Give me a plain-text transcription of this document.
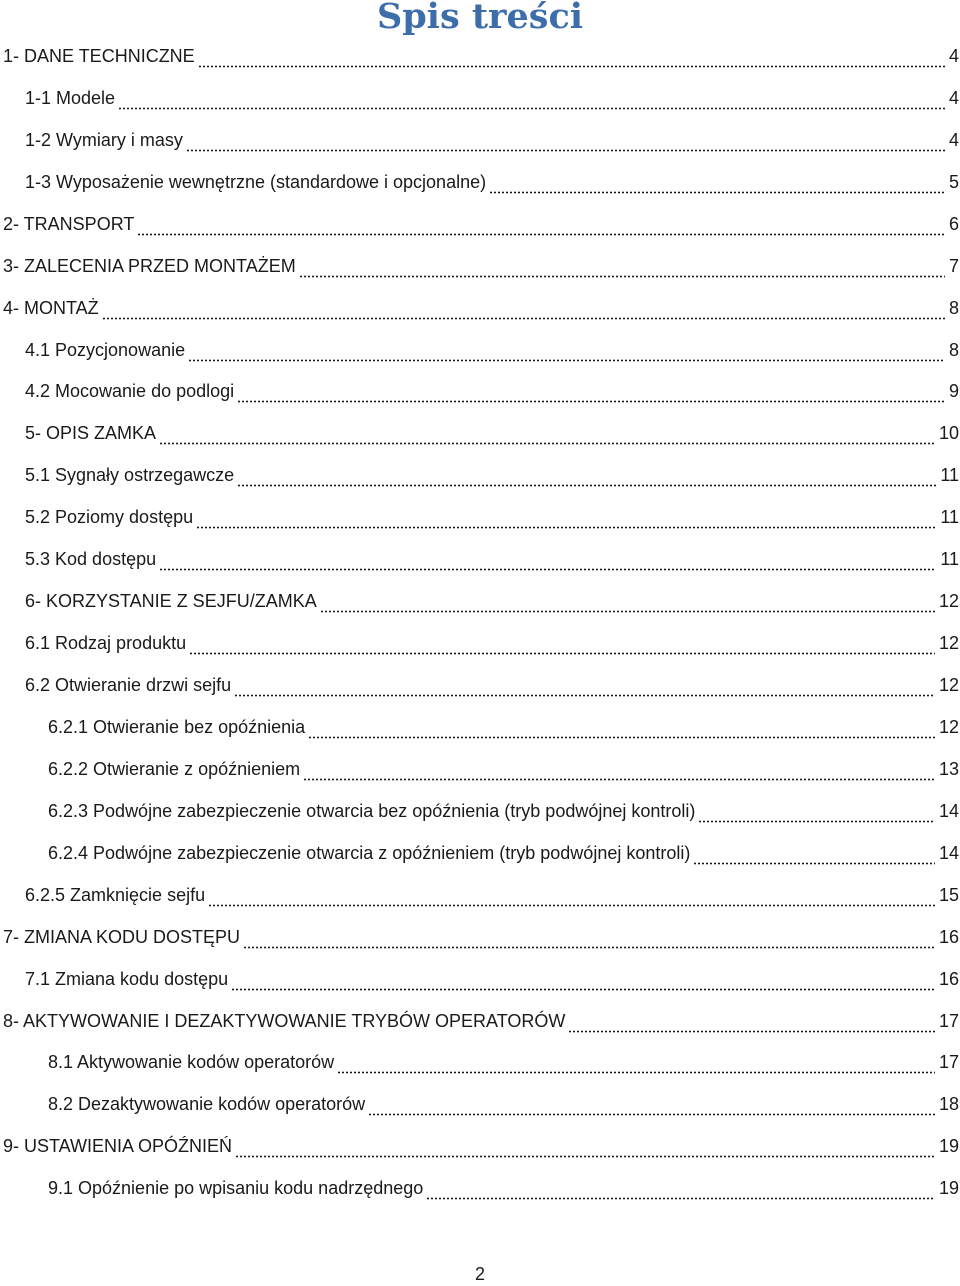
Spis treści
1- DANE TECHNICZNE	4
1-1 Modele	4
1-2 Wymiary i masy	4
1-3 Wyposażenie wewnętrzne (standardowe i opcjonalne)	5
2- TRANSPORT	6
3- ZALECENIA PRZED MONTAŻEM	7
4- MONTAŻ	8
4.1 Pozycjonowanie	8
4.2 Mocowanie do podlogi	9
5- OPIS ZAMKA	10
5.1 Sygnały ostrzegawcze	11
5.2 Poziomy dostępu	11
5.3 Kod dostępu	11
6- KORZYSTANIE Z SEJFU/ZAMKA	12
6.1 Rodzaj produktu	12
6.2 Otwieranie drzwi sejfu	12
6.2.1 Otwieranie bez opóźnienia	12
6.2.2 Otwieranie z opóźnieniem	13
6.2.3 Podwójne zabezpieczenie otwarcia bez opóźnienia (tryb podwójnej kontroli)	14
6.2.4 Podwójne zabezpieczenie otwarcia z opóźnieniem (tryb podwójnej kontroli)	14
6.2.5 Zamknięcie sejfu	15
7- ZMIANA KODU DOSTĘPU	16
7.1 Zmiana kodu dostępu	16
8- AKTYWOWANIE I DEZAKTYWOWANIE TRYBÓW OPERATORÓW	17
8.1 Aktywowanie kodów operatorów	17
8.2 Dezaktywowanie kodów operatorów	18
9- USTAWIENIA OPÓŹNIEŃ	19
9.1 Opóźnienie po wpisaniu kodu nadrzędnego	19
2
